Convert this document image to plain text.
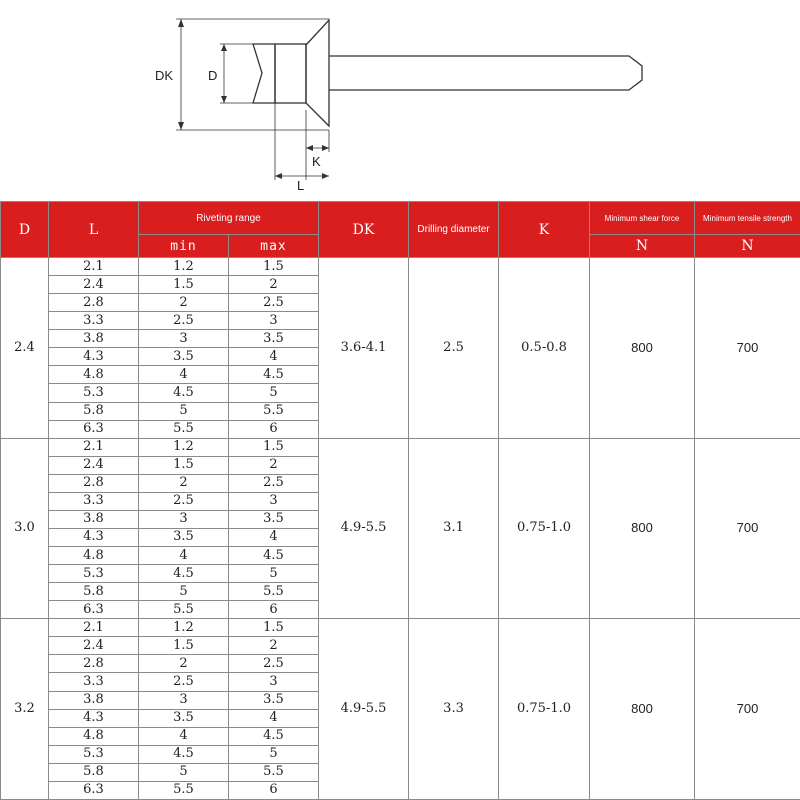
DK	D
K
L
D	L	Riveting range		DK	Drilling diameter	K	Minimum shear force	Minimum tensile strength
		min	max				N	N
2.4	2.1	1.2	1.5	3.6-4.1	2.5	0.5-0.8	800	700
	2.4	1.5	2					
	2.8	2	2.5					
	3.3	2.5	3					
	3.8	3	3.5					
	4.3	3.5	4					
	4.8	4	4.5					
	5.3	4.5	5					
	5.8	5	5.5					
	6.3	5.5	6					
3.0	2.1	1.2	1.5	4.9-5.5	3.1	0.75-1.0	800	700
	2.4	1.5	2					
	2.8	2	2.5					
	3.3	2.5	3					
	3.8	3	3.5					
	4.3	3.5	4					
	4.8	4	4.5					
	5.3	4.5	5					
	5.8	5	5.5					
	6.3	5.5	6					
3.2	2.1	1.2	1.5	4.9-5.5	3.3	0.75-1.0	800	700
	2.4	1.5	2					
	2.8	2	2.5					
	3.3	2.5	3					
	3.8	3	3.5					
	4.3	3.5	4					
	4.8	4	4.5					
	5.3	4.5	5					
	5.8	5	5.5					
	6.3	5.5	6					
